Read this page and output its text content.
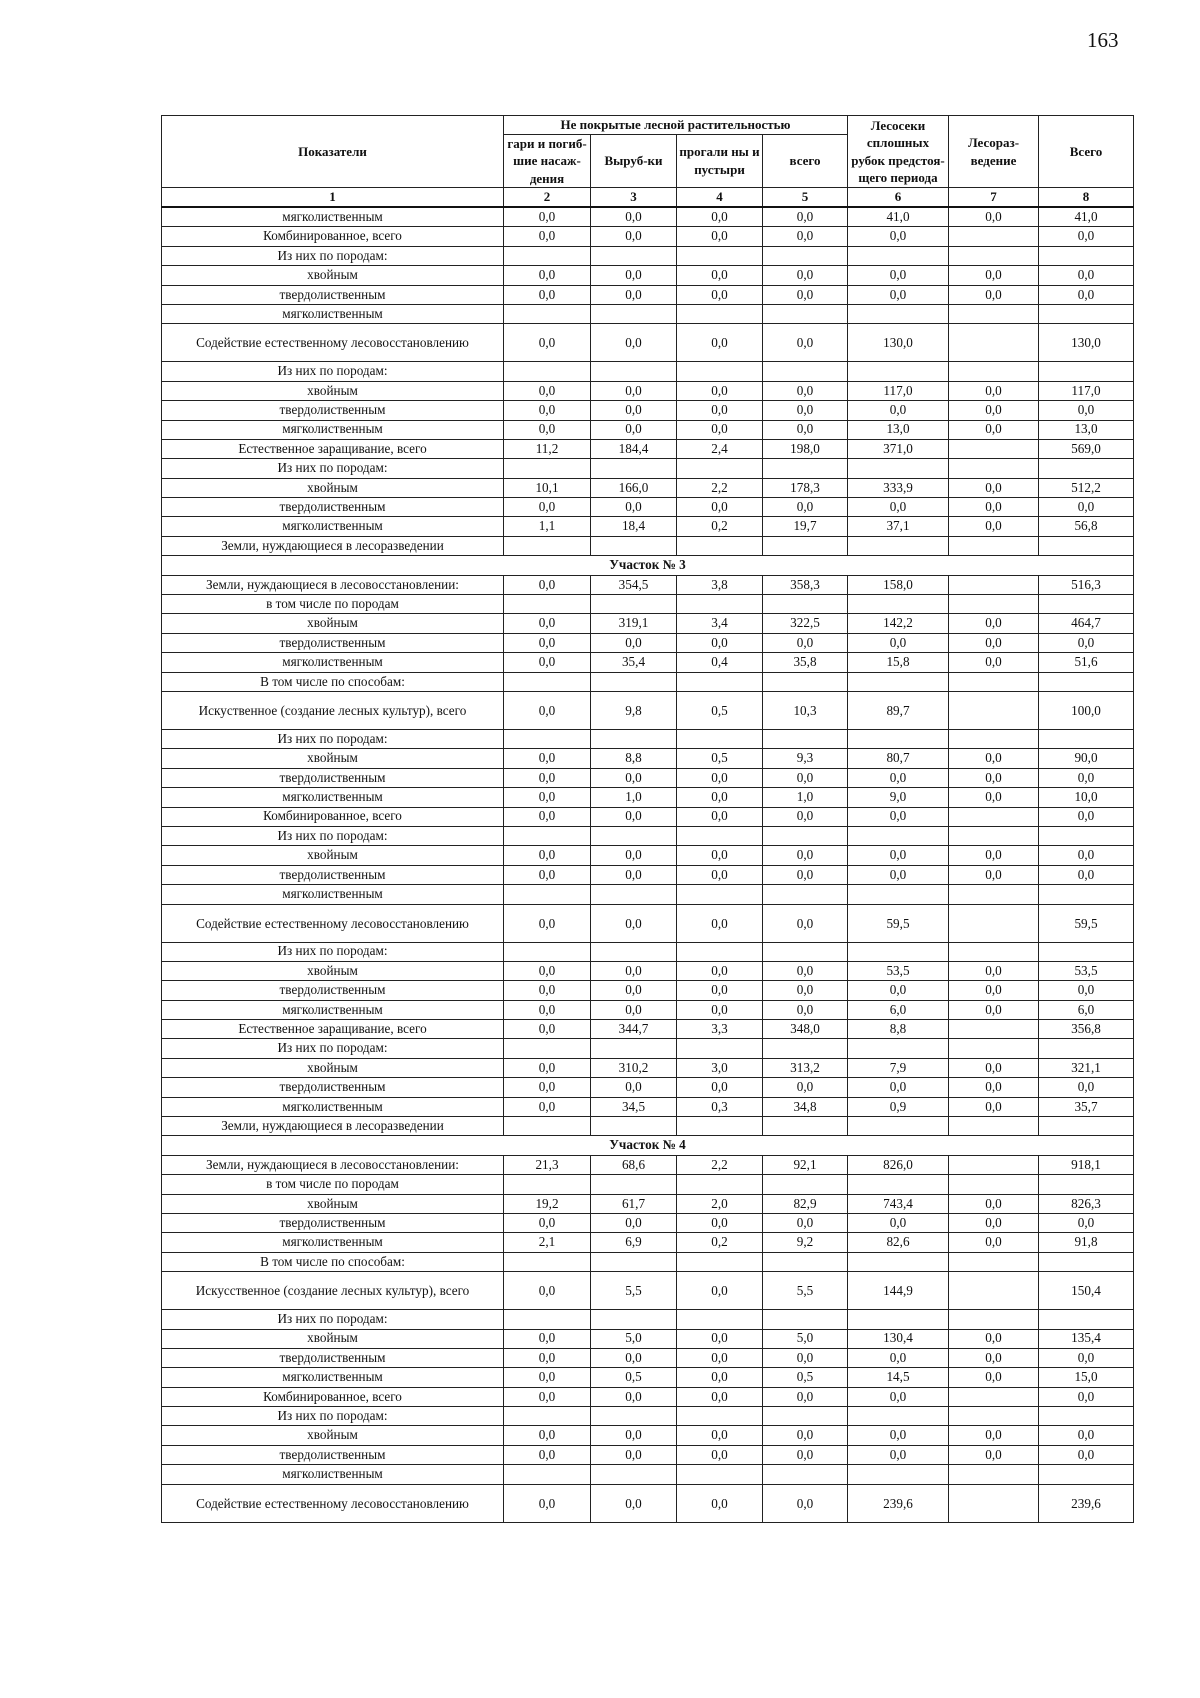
163
Показатели	Не покрытые лесной растительностью				Лесосеки сплошных рубок предстоя-щего периода	Лесораз-ведение	Всего
	гари и погиб-шие насаж-дения	Выруб-ки	прогали ны и пустыри	всего			
1	2	3	4	5	6	7	8
мягколиственным	0,0	0,0	0,0	0,0	41,0	0,0	41,0
Комбинированное, всего	0,0	0,0	0,0	0,0	0,0		0,0
Из них по породам:							
хвойным	0,0	0,0	0,0	0,0	0,0	0,0	0,0
твердолиственным	0,0	0,0	0,0	0,0	0,0	0,0	0,0
мягколиственным							
Содействие естественному лесовосстановлению	0,0	0,0	0,0	0,0	130,0		130,0
Из них по породам:							
хвойным	0,0	0,0	0,0	0,0	117,0	0,0	117,0
твердолиственным	0,0	0,0	0,0	0,0	0,0	0,0	0,0
мягколиственным	0,0	0,0	0,0	0,0	13,0	0,0	13,0
Естественное заращивание, всего	11,2	184,4	2,4	198,0	371,0		569,0
Из них по породам:							
хвойным	10,1	166,0	2,2	178,3	333,9	0,0	512,2
твердолиственным	0,0	0,0	0,0	0,0	0,0	0,0	0,0
мягколиственным	1,1	18,4	0,2	19,7	37,1	0,0	56,8
Земли, нуждающиеся в лесоразведении							
Участок № 3							
Земли, нуждающиеся в лесовосстановлении:	0,0	354,5	3,8	358,3	158,0		516,3
в том числе по породам							
хвойным	0,0	319,1	3,4	322,5	142,2	0,0	464,7
твердолиственным	0,0	0,0	0,0	0,0	0,0	0,0	0,0
мягколиственным	0,0	35,4	0,4	35,8	15,8	0,0	51,6
В том числе по способам:							
Искуственное (создание лесных культур), всего	0,0	9,8	0,5	10,3	89,7		100,0
Из них по породам:							
хвойным	0,0	8,8	0,5	9,3	80,7	0,0	90,0
твердолиственным	0,0	0,0	0,0	0,0	0,0	0,0	0,0
мягколиственным	0,0	1,0	0,0	1,0	9,0	0,0	10,0
Комбинированное, всего	0,0	0,0	0,0	0,0	0,0		0,0
Из них по породам:							
хвойным	0,0	0,0	0,0	0,0	0,0	0,0	0,0
твердолиственным	0,0	0,0	0,0	0,0	0,0	0,0	0,0
мягколиственным							
Содействие естественному лесовосстановлению	0,0	0,0	0,0	0,0	59,5		59,5
Из них по породам:							
хвойным	0,0	0,0	0,0	0,0	53,5	0,0	53,5
твердолиственным	0,0	0,0	0,0	0,0	0,0	0,0	0,0
мягколиственным	0,0	0,0	0,0	0,0	6,0	0,0	6,0
Естественное заращивание, всего	0,0	344,7	3,3	348,0	8,8		356,8
Из них по породам:							
хвойным	0,0	310,2	3,0	313,2	7,9	0,0	321,1
твердолиственным	0,0	0,0	0,0	0,0	0,0	0,0	0,0
мягколиственным	0,0	34,5	0,3	34,8	0,9	0,0	35,7
Земли, нуждающиеся в лесоразведении							
Участок № 4							
Земли, нуждающиеся в лесовосстановлении:	21,3	68,6	2,2	92,1	826,0		918,1
в том числе по породам							
хвойным	19,2	61,7	2,0	82,9	743,4	0,0	826,3
твердолиственным	0,0	0,0	0,0	0,0	0,0	0,0	0,0
мягколиственным	2,1	6,9	0,2	9,2	82,6	0,0	91,8
В том числе по способам:							
Искусственное (создание лесных культур), всего	0,0	5,5	0,0	5,5	144,9		150,4
Из них по породам:							
хвойным	0,0	5,0	0,0	5,0	130,4	0,0	135,4
твердолиственным	0,0	0,0	0,0	0,0	0,0	0,0	0,0
мягколиственным	0,0	0,5	0,0	0,5	14,5	0,0	15,0
Комбинированное, всего	0,0	0,0	0,0	0,0	0,0		0,0
Из них по породам:							
хвойным	0,0	0,0	0,0	0,0	0,0	0,0	0,0
твердолиственным	0,0	0,0	0,0	0,0	0,0	0,0	0,0
мягколиственным							
Содействие естественному лесовосстановлению	0,0	0,0	0,0	0,0	239,6		239,6
